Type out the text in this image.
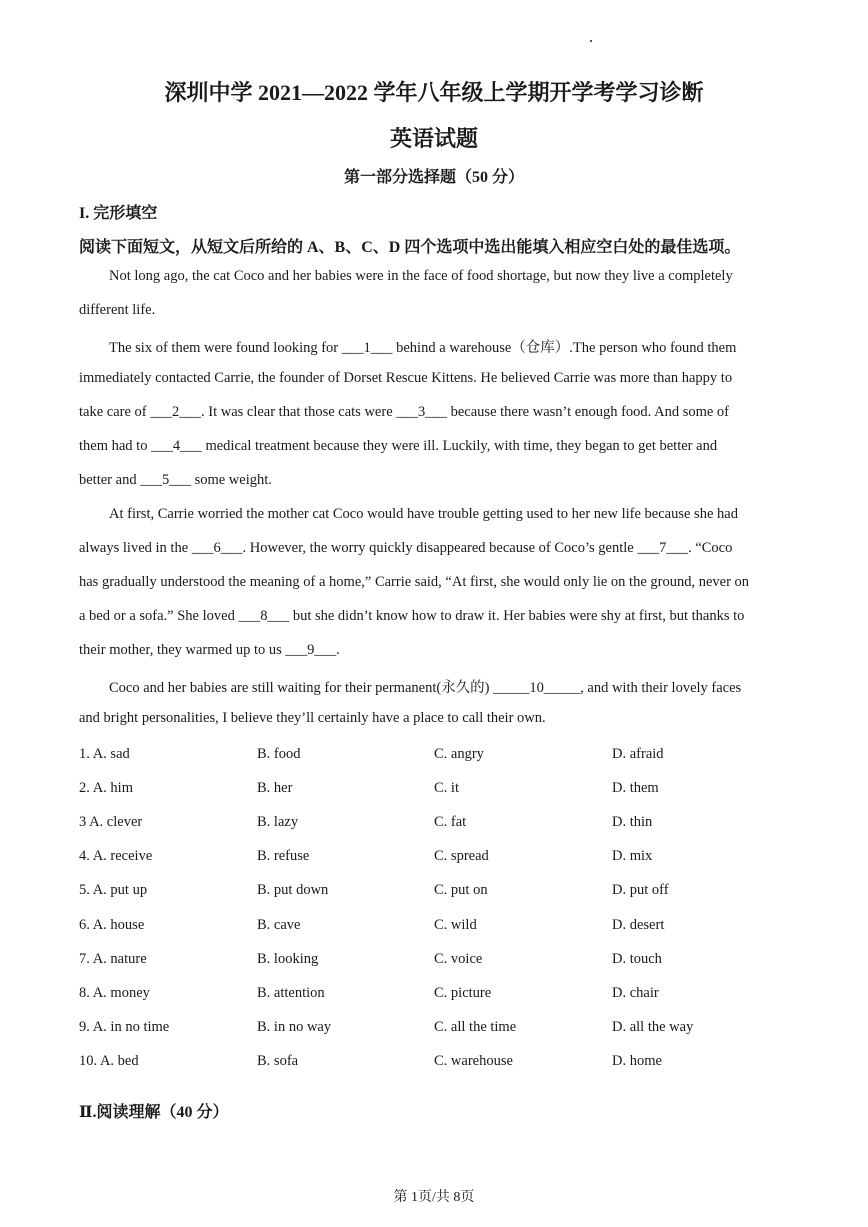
深圳中学 2021—2022 学年八年级上学期开学考学习诊断
英语试题
第一部分选择题（50 分）
I. 完形填空
阅读下面短文，从短文后所给的 A、B、C、D 四个选项中选出能填入相应空白处的最佳选项。
Not long ago, the cat Coco and her babies were in the face of food shortage, but now they live a completely
different life.
The six of them were found looking for ___1___ behind a warehouse（仓库）.The person who found them
immediately contacted Carrie, the founder of Dorset Rescue Kittens. He believed Carrie was more than happy to
take care of ___2___. It was clear that those cats were ___3___ because there wasn’t enough food. And some of
them had to ___4___ medical treatment because they were ill. Luckily, with time, they began to get better and
better and ___5___ some weight.
At first, Carrie worried the mother cat Coco would have trouble getting used to her new life because she had
always lived in the ___6___. However, the worry quickly disappeared because of Coco’s gentle ___7___. “Coco
has gradually understood the meaning of a home,” Carrie said, “At first, she would only lie on the ground, never on
a bed or a sofa.” She loved ___8___ but she didn’t know how to draw it. Her babies were shy at first, but thanks to
their mother, they warmed up to us ___9___.
Coco and her babies are still waiting for their permanent(永久的) _____10_____, and with their lovely faces
and bright personalities, I believe they’ll certainly have a place to call their own.
1. A. sad	B. food	C. angry	D. afraid
2. A. him	B. her	C. it	D. them
3 A. clever	B. lazy	C. fat	D. thin
4. A. receive	B. refuse	C. spread	D. mix
5. A. put up	B. put down	C. put on	D. put off
6. A. house	B. cave	C. wild	D. desert
7. A. nature	B. looking	C. voice	D. touch
8. A. money	B. attention	C. picture	D. chair
9. A. in no time	B. in no way	C. all the time	D. all the way
10. A. bed	B. sofa	C. warehouse	D. home
Ⅱ.阅读理解（40 分）
第 1页/共 8页
